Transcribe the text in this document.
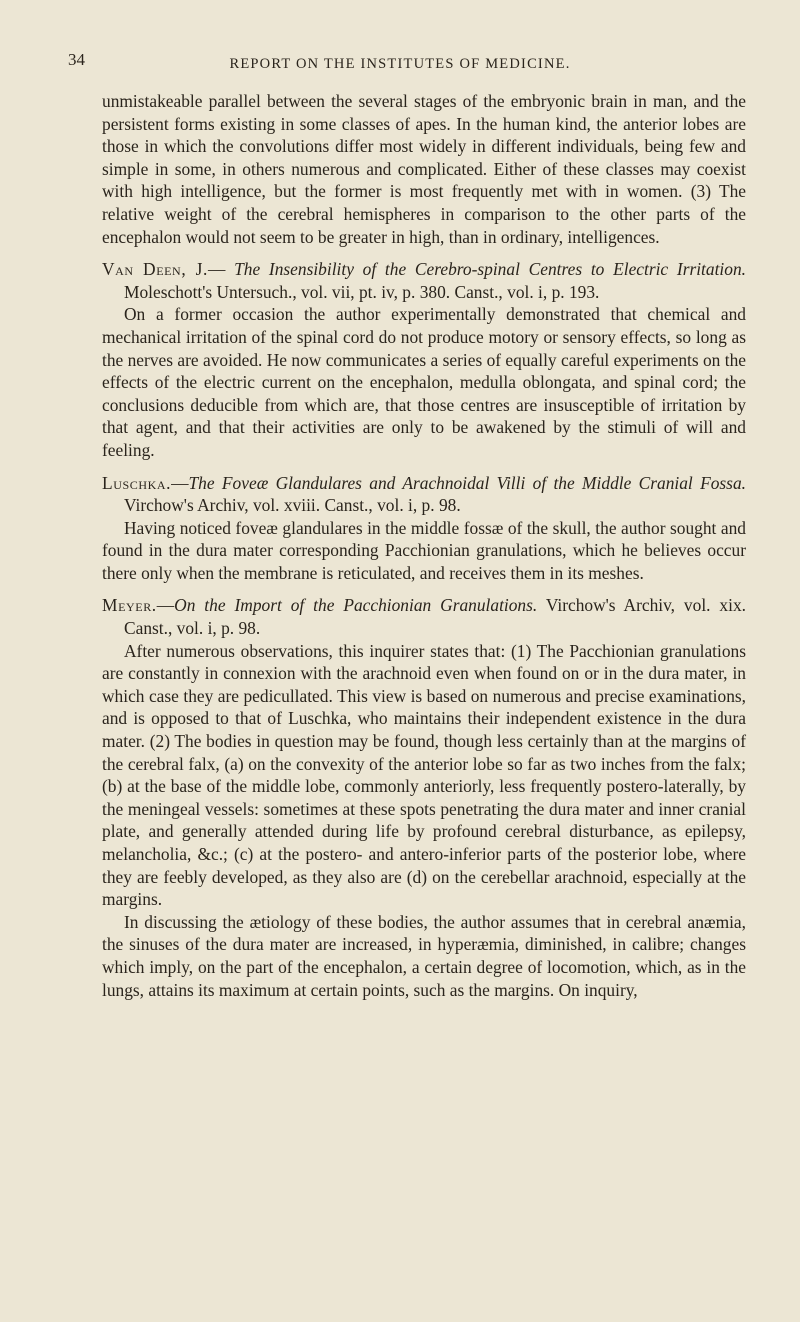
34	REPORT ON THE INSTITUTES OF MEDICINE.

unmistakeable parallel between the several stages of the embryonic brain in man, and the persistent forms existing in some classes of apes. In the human kind, the anterior lobes are those in which the convolutions differ most widely in different individuals, being few and simple in some, in others numerous and complicated. Either of these classes may coexist with high intelligence, but the former is most frequently met with in women. (3) The relative weight of the cerebral hemispheres in comparison to the other parts of the encephalon would not seem to be greater in high, than in ordinary, intelligences.

Van Deen, J.— The Insensibility of the Cerebro-spinal Centres to Electric Irritation. Moleschott's Untersuch., vol. vii, pt. iv, p. 380. Canst., vol. i, p. 193.

On a former occasion the author experimentally demonstrated that chemical and mechanical irritation of the spinal cord do not produce motory or sensory effects, so long as the nerves are avoided. He now communicates a series of equally careful experiments on the effects of the electric current on the encephalon, medulla oblongata, and spinal cord; the conclusions deducible from which are, that those centres are insusceptible of irritation by that agent, and that their activities are only to be awakened by the stimuli of will and feeling.

Luschka.—The Foveæ Glandulares and Arachnoidal Villi of the Middle Cranial Fossa. Virchow's Archiv, vol. xviii. Canst., vol. i, p. 98.

Having noticed foveæ glandulares in the middle fossæ of the skull, the author sought and found in the dura mater corresponding Pacchionian granulations, which he believes occur there only when the membrane is reticulated, and receives them in its meshes.

Meyer.—On the Import of the Pacchionian Granulations. Virchow's Archiv, vol. xix. Canst., vol. i, p. 98.

After numerous observations, this inquirer states that: (1) The Pacchionian granulations are constantly in connexion with the arachnoid even when found on or in the dura mater, in which case they are pedicullated. This view is based on numerous and precise examinations, and is opposed to that of Luschka, who maintains their independent existence in the dura mater. (2) The bodies in question may be found, though less certainly than at the margins of the cerebral falx, (a) on the convexity of the anterior lobe so far as two inches from the falx; (b) at the base of the middle lobe, commonly anteriorly, less frequently postero-laterally, by the meningeal vessels: sometimes at these spots penetrating the dura mater and inner cranial plate, and generally attended during life by profound cerebral disturbance, as epilepsy, melancholia, &c.; (c) at the postero- and antero-inferior parts of the posterior lobe, where they are feebly developed, as they also are (d) on the cerebellar arachnoid, especially at the margins.

In discussing the ætiology of these bodies, the author assumes that in cerebral anæmia, the sinuses of the dura mater are increased, in hyperæmia, diminished, in calibre; changes which imply, on the part of the encephalon, a certain degree of locomotion, which, as in the lungs, attains its maximum at certain points, such as the margins. On inquiry,
